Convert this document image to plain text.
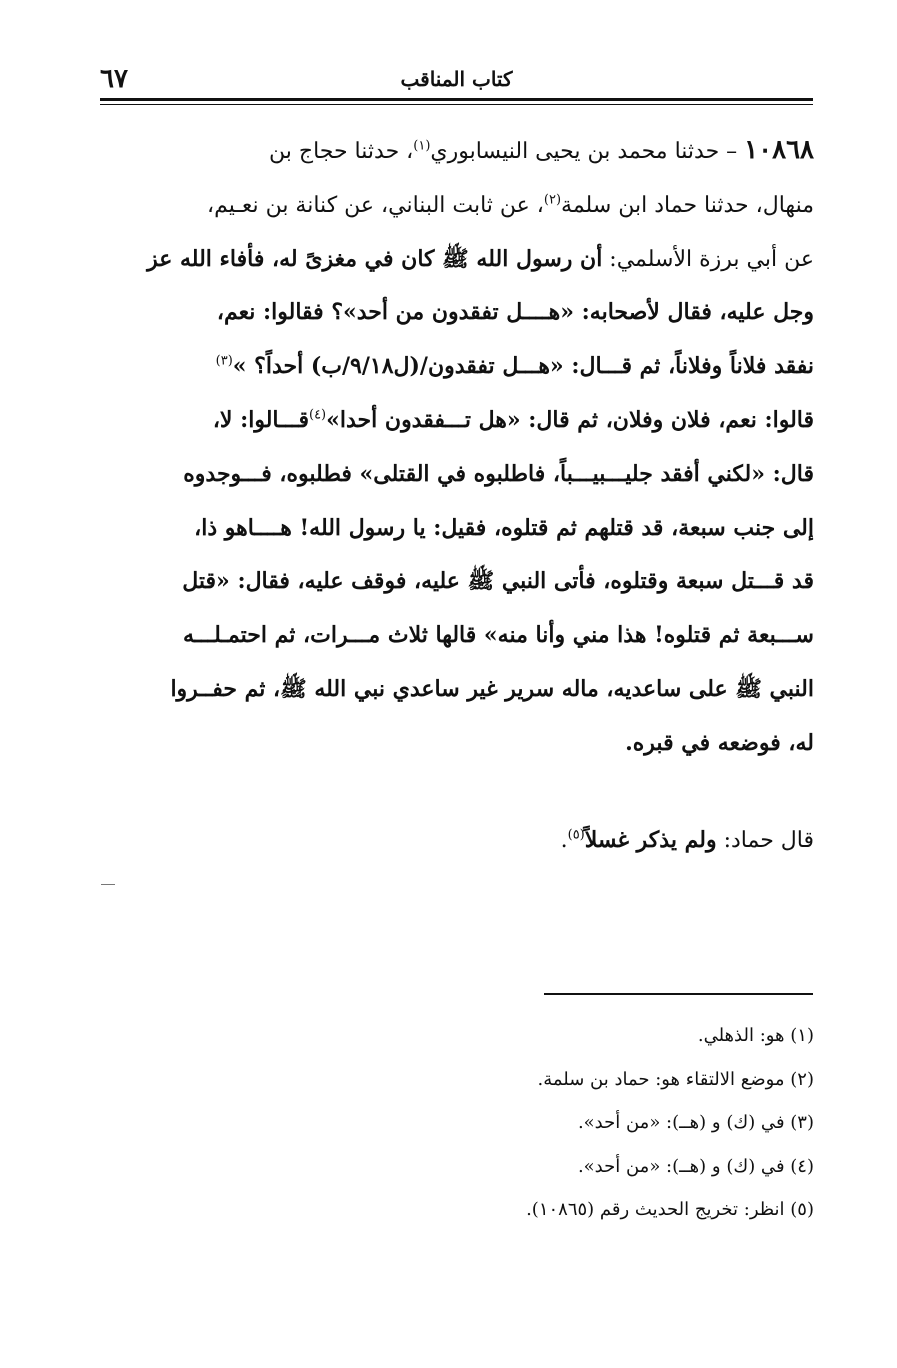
٦٧	كتاب المناقب
١٠٨٦٨ – حدثنا محمد بن يحيى النيسابوري$^{(١)}$، حدثنا حجاج بن
منهال، حدثنا حماد ابن سلمة$^{(٢)}$، عن ثابت البناني، عن كنانة بن نعـيم،
عن أبي برزة الأسلمي: أن رسول الله ﷺ كان في مغزىً له، فأفاء الله عز
وجل عليه، فقال لأصحابه: «هــــل تفقدون من أحد»؟ فقالوا: نعم،
نفقد فلاناً وفلاناً، ثم قـــال: «هـــل تفقدون/(ل٩/١٨/ب) أحداً؟ »$^{(٣)}$
قالوا: نعم، فلان وفلان، ثم قال: «هل تـــفقدون أحدا»$^{(٤)}$قـــالوا: لا،
قال: «لكني أفقد جليـــبيـــباً، فاطلبوه في القتلى» فطلبوه، فـــوجدوه
إلى جنب سبعة، قد قتلهم ثم قتلوه، فقيل: يا رسول الله! هــــاهو ذا،
قد قـــتل سبعة وقتلوه، فأتى النبي ﷺ عليه، فوقف عليه، فقال: «قتل
ســـبعة ثم قتلوه! هذا مني وأنا منه» قالها ثلاث مـــرات، ثم احتمـلـــه
النبي ﷺ على ساعديه، ماله سرير غير ساعدي نبي الله ﷺ، ثم حفــروا
له، فوضعه في قبره.
قال حماد: ولم يذكر غسلاً$^{(٥)}$.
(١) هو: الذهلي.
(٢) موضع الالتقاء هو: حماد بن سلمة.
(٣) في (ك) و (هــ): «من أحد».
(٤) في (ك) و (هــ): «من أحد».
(٥) انظر: تخريج الحديث رقم (١٠٨٦٥).
